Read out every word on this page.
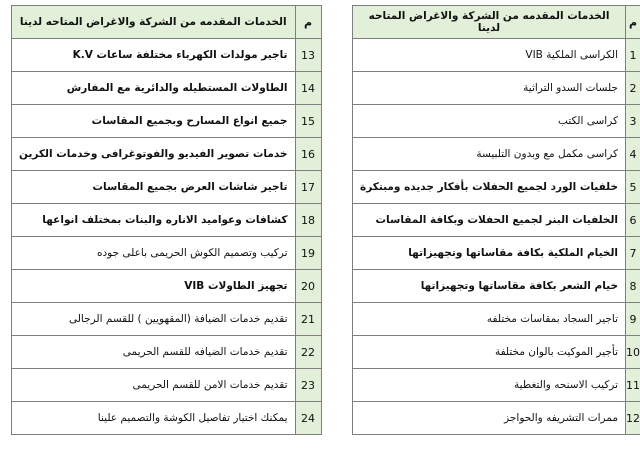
الخدمات المقدمه من الشركة والاغراض المتاحه لدينا	م
الكراسى الملكية VIB	1
جلسات السدو التراثية	2
كراسى الكتب	3
كراسى مكمل مع وبدون التلبيسة	4
خلفيات الورد لجميع الحفلات بأفكار جديده ومبتكرة	5
الخلفيات البنر لجميع الحفلات وبكافة المقاسات	6
الخيام الملكية بكافة مقاساتها وتجهيزاتها	7
خيام الشعر بكافة مقاساتها وتجهيزاتها	8
تاجير السجاد بمقاسات مختلفه	9
تأجير الموكيت بالوان مختلفة	10
تركيب الاسنحه والتغطية	11
ممرات التشريفه والحواجز	12
الخدمات المقدمه من الشركة والاغراض المتاحه لدينا	م
تاجير مولدات الكهرباء مختلفة ساعات K.V	13
الطاولات المستطيله والدائرية مع المفارش	14
جميع انواع المسارح وبجميع المقاسات	15
خدمات تصوير الفيديو والفوتوغرافى وخدمات الكرين	16
تاجير شاشات العرض بجميع المقاسات	17
كشافات وعواميد الاناره والبنات بمختلف انواعها	18
تركيب وتصميم الكوش الحريمى باعلى جوده	19
تجهيز الطاولات VIB	20
تقديم خدمات الضيافة (المقهويين ) للقسم الرجالى	21
تقديم خدمات الضيافه للقسم الحريمى	22
تقديم خدمات الامن للقسم الحريمى	23
يمكنك اختيار تفاصيل الكوشة والتصميم علينا	24
